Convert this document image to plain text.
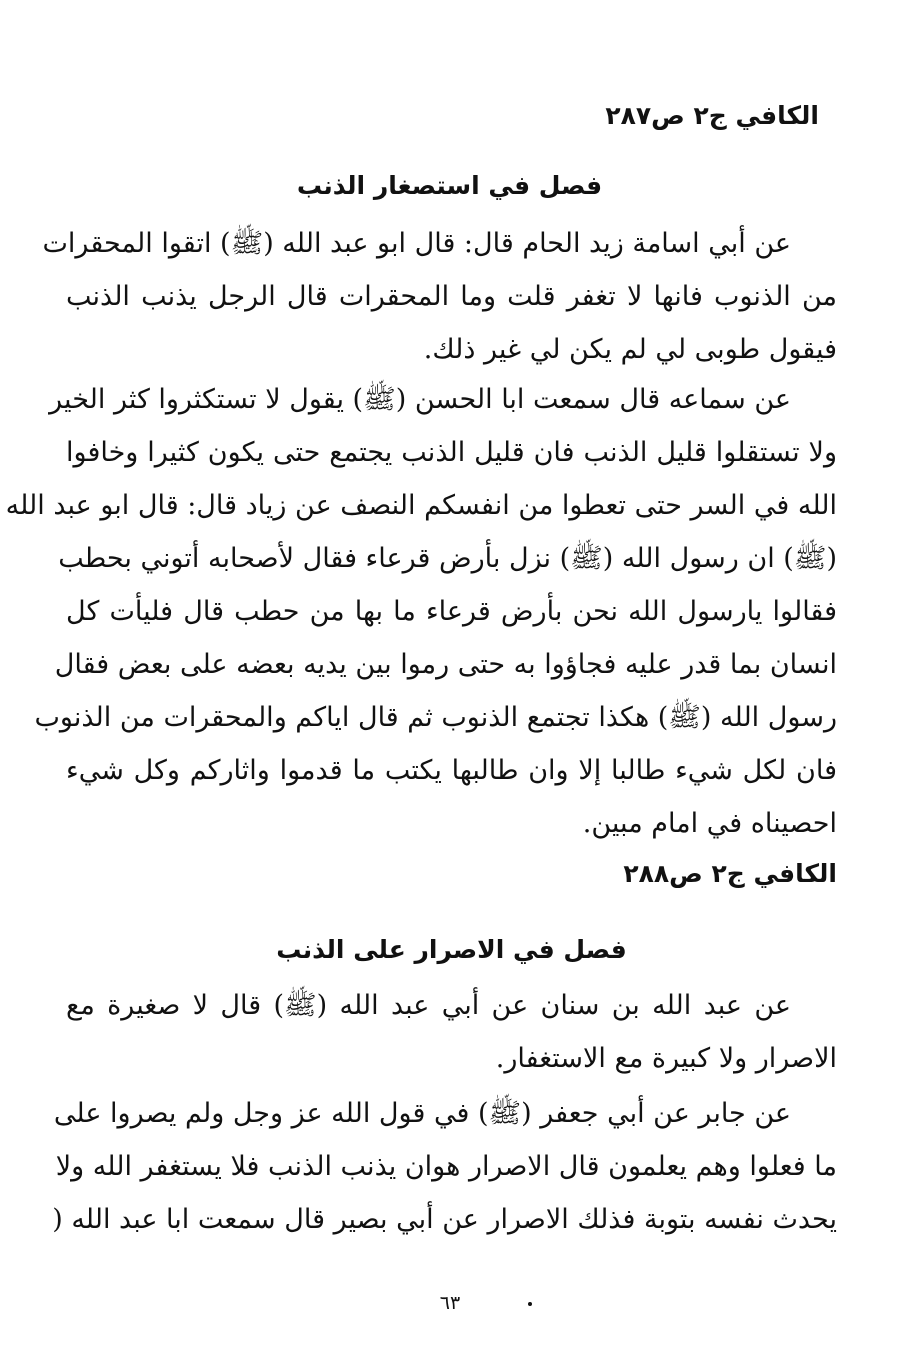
الكافي ج٢ ص٢٨٧
فصل في استصغار الذنب
عن أبي اسامة زيد الحام قال: قال ابو عبد الله (ﷺ) اتقوا المحقرات
من الذنوب فانها لا تغفر قلت وما المحقرات قال الرجل يذنب الذنب
فيقول طوبى لي لم يكن لي غير ذلك.
عن سماعه قال سمعت ابا الحسن (ﷺ) يقول لا تستكثروا كثر الخير
ولا تستقلوا قليل الذنب فان قليل الذنب يجتمع حتى يكون كثيرا وخافوا
الله في السر حتى تعطوا من انفسكم النصف عن زياد قال: قال ابو عبد الله
(ﷺ) ان رسول الله (ﷺ) نزل بأرض قرعاء فقال لأصحابه أتوني بحطب
فقالوا يارسول الله نحن بأرض قرعاء ما بها من حطب قال فليأت كل
انسان بما قدر عليه فجاؤوا به حتى رموا بين يديه بعضه على بعض فقال
رسول الله (ﷺ) هكذا تجتمع الذنوب ثم قال اياكم والمحقرات من الذنوب
فان لكل شيء طالبا إلا وان طالبها يكتب ما قدموا واثاركم وكل شيء
احصيناه في امام مبين.
الكافي ج٢ ص٢٨٨
فصل في الاصرار على الذنب
عن عبد الله بن سنان عن أبي عبد الله (ﷺ) قال لا صغيرة مع
الاصرار ولا كبيرة مع الاستغفار.
عن جابر عن أبي جعفر (ﷺ) في قول الله عز وجل ولم يصروا على
ما فعلوا وهم يعلمون قال الاصرار هوان يذنب الذنب فلا يستغفر الله ولا
يحدث نفسه بتوبة فذلك الاصرار عن أبي بصير قال سمعت ابا عبد الله (
٦٣
